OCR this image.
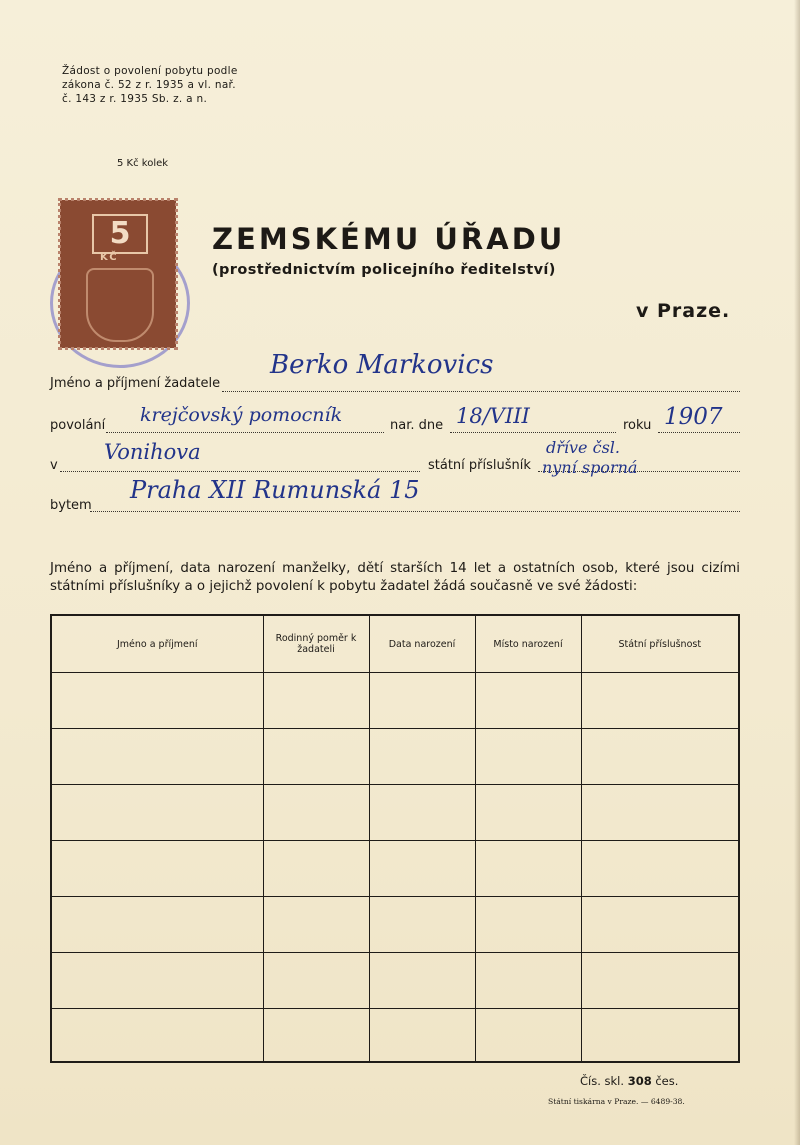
Žádost o povolení pobytu podle
zákona č. 52 z r. 1935 a vl. nař.
č. 143 z r. 1935 Sb. z. a n.
5 Kč kolek
5
KČ
ZEMSKÉMU ÚŘADU
(prostřednictvím policejního ředitelství)
v Praze.
Jméno a příjmení žadatele
Berko Markovics
povolání krejčovský pomocník	nar. dne 18/VIII	roku 1907
v
Vonihova
státní příslušník
dříve čsl.
nyní sporná
bytem
Praha XII Rumunská 15
Jméno a příjmení, data narození manželky, dětí starších 14 let a ostatních osob, které jsou cizími státními příslušníky a o jejichž povolení k pobytu žadatel žádá současně ve své žádosti:
Jméno a příjmení	Rodinný poměr k žadateli	Data narození	Místo narození	Státní příslušnost

Čís. skl. 308 čes.
Státní tiskárna v Praze. — 6489-38.
